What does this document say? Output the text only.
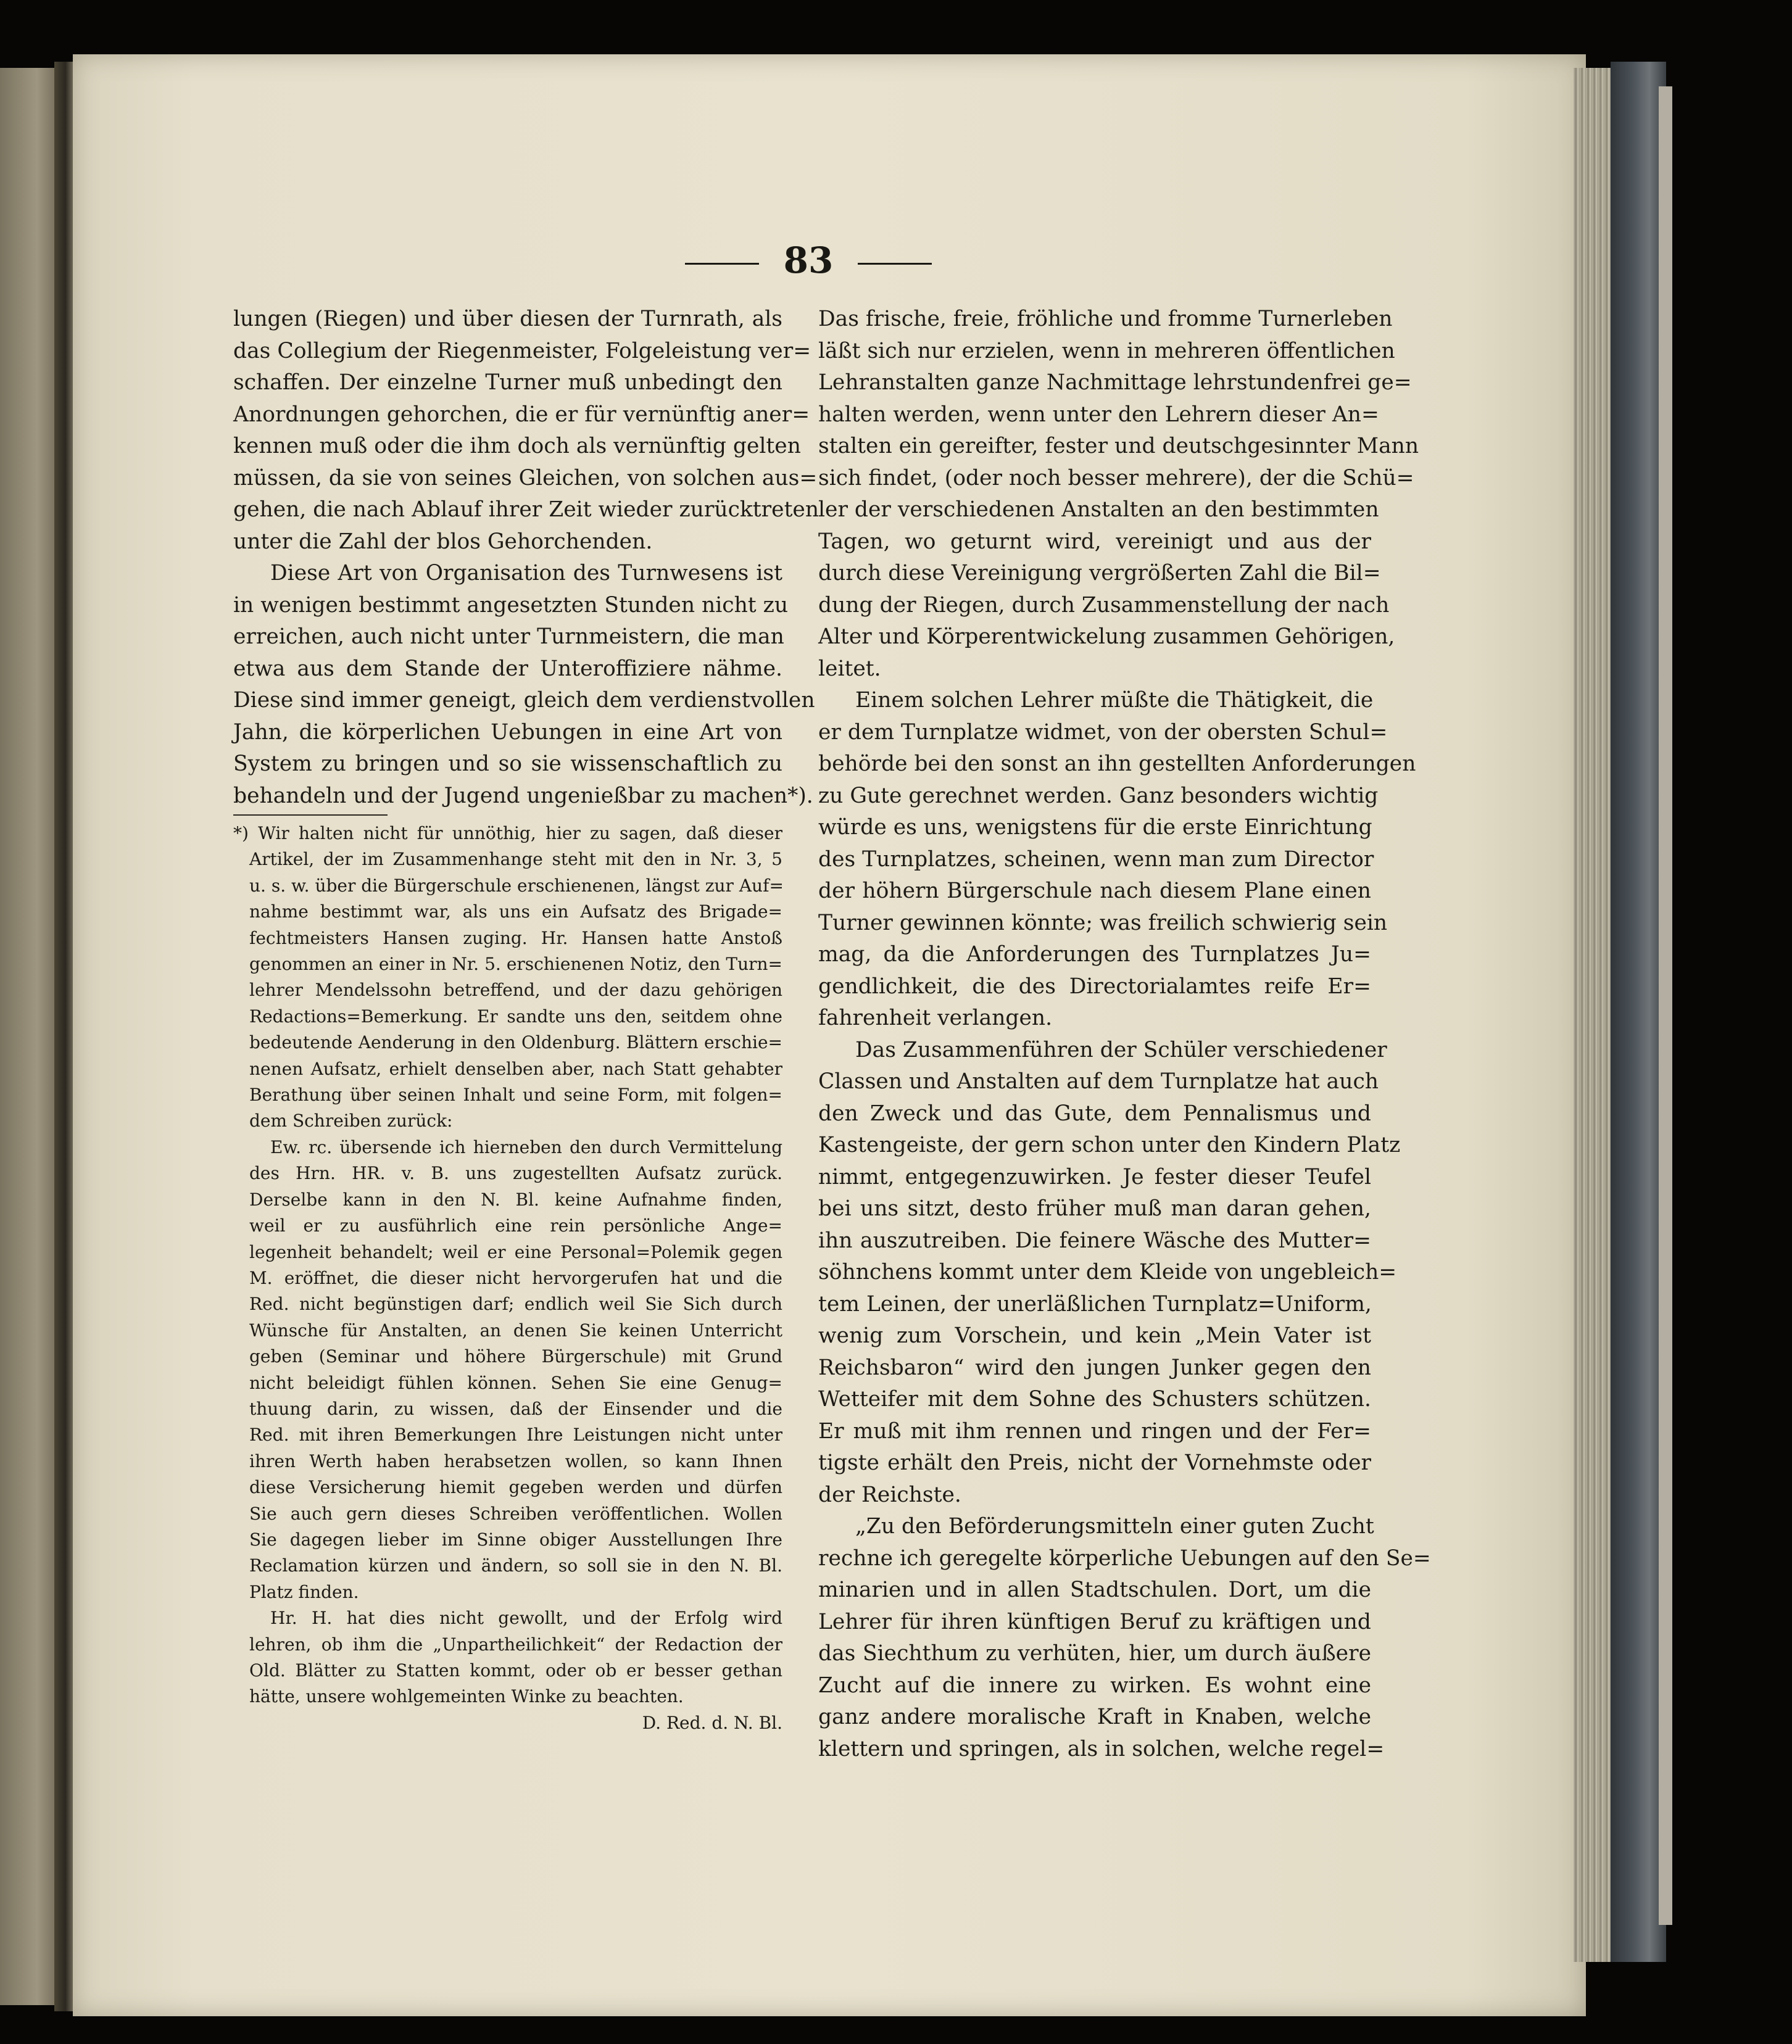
83
lungen (Riegen) und über diesen der Turnrath, als
das Collegium der Riegenmeister, Folgeleistung ver=
schaffen. Der einzelne Turner muß unbedingt den
Anordnungen gehorchen, die er für vernünftig aner=
kennen muß oder die ihm doch als vernünftig gelten
müssen, da sie von seines Gleichen, von solchen aus=
gehen, die nach Ablauf ihrer Zeit wieder zurücktreten
unter die Zahl der blos Gehorchenden.
Diese Art von Organisation des Turnwesens ist
in wenigen bestimmt angesetzten Stunden nicht zu
erreichen, auch nicht unter Turnmeistern, die man
etwa aus dem Stande der Unteroffiziere nähme.
Diese sind immer geneigt, gleich dem verdienstvollen
Jahn, die körperlichen Uebungen in eine Art von
System zu bringen und so sie wissenschaftlich zu
behandeln und der Jugend ungenießbar zu machen*).
*) Wir halten nicht für unnöthig, hier zu sagen, daß dieser
Artikel, der im Zusammenhange steht mit den in Nr. 3, 5
u. s. w. über die Bürgerschule erschienenen, längst zur Auf=
nahme bestimmt war, als uns ein Aufsatz des Brigade=
fechtmeisters Hansen zuging. Hr. Hansen hatte Anstoß
genommen an einer in Nr. 5. erschienenen Notiz, den Turn=
lehrer Mendelssohn betreffend, und der dazu gehörigen
Redactions=Bemerkung. Er sandte uns den, seitdem ohne
bedeutende Aenderung in den Oldenburg. Blättern erschie=
nenen Aufsatz, erhielt denselben aber, nach Statt gehabter
Berathung über seinen Inhalt und seine Form, mit folgen=
dem Schreiben zurück:
Ew. rc. übersende ich hierneben den durch Vermittelung
des Hrn. HR. v. B. uns zugestellten Aufsatz zurück.
Derselbe kann in den N. Bl. keine Aufnahme finden,
weil er zu ausführlich eine rein persönliche Ange=
legenheit behandelt; weil er eine Personal=Polemik gegen
M. eröffnet, die dieser nicht hervorgerufen hat und die
Red. nicht begünstigen darf; endlich weil Sie Sich durch
Wünsche für Anstalten, an denen Sie keinen Unterricht
geben (Seminar und höhere Bürgerschule) mit Grund
nicht beleidigt fühlen können. Sehen Sie eine Genug=
thuung darin, zu wissen, daß der Einsender und die
Red. mit ihren Bemerkungen Ihre Leistungen nicht unter
ihren Werth haben herabsetzen wollen, so kann Ihnen
diese Versicherung hiemit gegeben werden und dürfen
Sie auch gern dieses Schreiben veröffentlichen. Wollen
Sie dagegen lieber im Sinne obiger Ausstellungen Ihre
Reclamation kürzen und ändern, so soll sie in den N. Bl.
Platz finden.
Hr. H. hat dies nicht gewollt, und der Erfolg wird
lehren, ob ihm die „Unpartheilichkeit“ der Redaction der
Old. Blätter zu Statten kommt, oder ob er besser gethan
hätte, unsere wohlgemeinten Winke zu beachten.
D. Red. d. N. Bl.
Das frische, freie, fröhliche und fromme Turnerleben
läßt sich nur erzielen, wenn in mehreren öffentlichen
Lehranstalten ganze Nachmittage lehrstundenfrei ge=
halten werden, wenn unter den Lehrern dieser An=
stalten ein gereifter, fester und deutschgesinnter Mann
sich findet, (oder noch besser mehrere), der die Schü=
ler der verschiedenen Anstalten an den bestimmten
Tagen, wo geturnt wird, vereinigt und aus der
durch diese Vereinigung vergrößerten Zahl die Bil=
dung der Riegen, durch Zusammenstellung der nach
Alter und Körperentwickelung zusammen Gehörigen,
leitet.
Einem solchen Lehrer müßte die Thätigkeit, die
er dem Turnplatze widmet, von der obersten Schul=
behörde bei den sonst an ihn gestellten Anforderungen
zu Gute gerechnet werden. Ganz besonders wichtig
würde es uns, wenigstens für die erste Einrichtung
des Turnplatzes, scheinen, wenn man zum Director
der höhern Bürgerschule nach diesem Plane einen
Turner gewinnen könnte; was freilich schwierig sein
mag, da die Anforderungen des Turnplatzes Ju=
gendlichkeit, die des Directorialamtes reife Er=
fahrenheit verlangen.
Das Zusammenführen der Schüler verschiedener
Classen und Anstalten auf dem Turnplatze hat auch
den Zweck und das Gute, dem Pennalismus und
Kastengeiste, der gern schon unter den Kindern Platz
nimmt, entgegenzuwirken. Je fester dieser Teufel
bei uns sitzt, desto früher muß man daran gehen,
ihn auszutreiben. Die feinere Wäsche des Mutter=
söhnchens kommt unter dem Kleide von ungebleich=
tem Leinen, der unerläßlichen Turnplatz=Uniform,
wenig zum Vorschein, und kein „Mein Vater ist
Reichsbaron“ wird den jungen Junker gegen den
Wetteifer mit dem Sohne des Schusters schützen.
Er muß mit ihm rennen und ringen und der Fer=
tigste erhält den Preis, nicht der Vornehmste oder
der Reichste.
„Zu den Beförderungsmitteln einer guten Zucht
rechne ich geregelte körperliche Uebungen auf den Se=
minarien und in allen Stadtschulen. Dort, um die
Lehrer für ihren künftigen Beruf zu kräftigen und
das Siechthum zu verhüten, hier, um durch äußere
Zucht auf die innere zu wirken. Es wohnt eine
ganz andere moralische Kraft in Knaben, welche
klettern und springen, als in solchen, welche regel=
